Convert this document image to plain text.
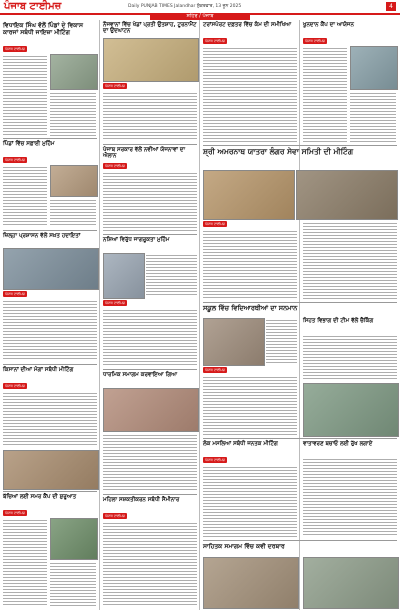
ਪੰਜਾਬ ਟਾਈਮਜ਼	Daily PUNJAB TIMES Jalandhar ਸ਼ੁੱਕਰਵਾਰ, 13 ਜੂਨ 2025	4
ਸ਼ਹਿਰ / ਪੰਜਾਬ
ਵਿਧਾਇਕ ਸਿੰਘ ਵੱਲੋਂ ਪਿੰਡਾਂ ਦੇ ਵਿਕਾਸ ਕਾਰਜਾਂ ਸਬੰਧੀ ਜਾਇਜ਼ਾ ਮੀਟਿੰਗ
ਪੰਜਾਬ ਟਾਈਮਜ਼
ਪਿੰਡਾਂ ਵਿੱਚ ਸਫ਼ਾਈ ਮੁਹਿੰਮ
ਪੰਜਾਬ ਟਾਈਮਜ਼
ਜ਼ਿਲ੍ਹਾ ਪ੍ਰਸ਼ਾਸਨ ਵੱਲੋਂ ਸਖ਼ਤ ਹਦਾਇਤਾਂ
ਪੰਜਾਬ ਟਾਈਮਜ਼
ਕਿਸਾਨਾਂ ਦੀਆਂ ਮੰਗਾਂ ਸਬੰਧੀ ਮੀਟਿੰਗ
ਪੰਜਾਬ ਟਾਈਮਜ਼
ਬੱਚਿਆਂ ਲਈ ਸਮਰ ਕੈਂਪ ਦੀ ਸ਼ੁਰੂਆਤ
ਪੰਜਾਬ ਟਾਈਮਜ਼
ਨੌਜਵਾਨਾਂ ਵਿੱਚ ਖੇਡਾਂ ਪ੍ਰਤੀ ਉਤਸ਼ਾਹ, ਟੂਰਨਾਮੈਂਟ ਦਾ ਉਦਘਾਟਨ
ਪੰਜਾਬ ਟਾਈਮਜ਼
ਪੰਜਾਬ ਸਰਕਾਰ ਵੱਲੋਂ ਨਵੀਆਂ ਯੋਜਨਾਵਾਂ ਦਾ ਐਲਾਨ
ਪੰਜਾਬ ਟਾਈਮਜ਼
ਨਸ਼ਿਆਂ ਵਿਰੁੱਧ ਜਾਗਰੂਕਤਾ ਮੁਹਿੰਮ
ਪੰਜਾਬ ਟਾਈਮਜ਼
ਧਾਰਮਿਕ ਸਮਾਗਮ ਕਰਵਾਇਆ ਗਿਆ
ਮਹਿਲਾ ਸਸ਼ਕਤੀਕਰਨ ਸਬੰਧੀ ਸੈਮੀਨਾਰ
ਪੰਜਾਬ ਟਾਈਮਜ਼
ਟਰਾਂਸਪੋਰਟ ਦਫ਼ਤਰ ਵਿੱਚ ਕੰਮ ਦੀ ਸਮੀਖਿਆ
ਪੰਜਾਬ ਟਾਈਮਜ਼
ਖੂਨਦਾਨ ਕੈਂਪ ਦਾ ਆਯੋਜਨ
ਪੰਜਾਬ ਟਾਈਮਜ਼
ਸ਼੍ਰੀ ਅਮਰਨਾਥ ਯਾਤਰਾ ਲੰਗਰ ਸੇਵਾ ਸਮਿਤੀ ਦੀ ਮੀਟਿੰਗ
ਪੰਜਾਬ ਟਾਈਮਜ਼
ਸਕੂਲ ਵਿੱਚ ਵਿਦਿਆਰਥੀਆਂ ਦਾ ਸਨਮਾਨ
ਪੰਜਾਬ ਟਾਈਮਜ਼
ਸਿਹਤ ਵਿਭਾਗ ਦੀ ਟੀਮ ਵੱਲੋਂ ਚੈਕਿੰਗ
ਲੋਕ ਮਸਲਿਆਂ ਸਬੰਧੀ ਜਨਤਕ ਮੀਟਿੰਗ
ਪੰਜਾਬ ਟਾਈਮਜ਼
ਵਾਤਾਵਰਣ ਬਚਾਓ ਲਈ ਰੁੱਖ ਲਗਾਏ
ਸਾਹਿਤਕ ਸਮਾਗਮ ਵਿੱਚ ਕਵੀ ਦਰਬਾਰ
